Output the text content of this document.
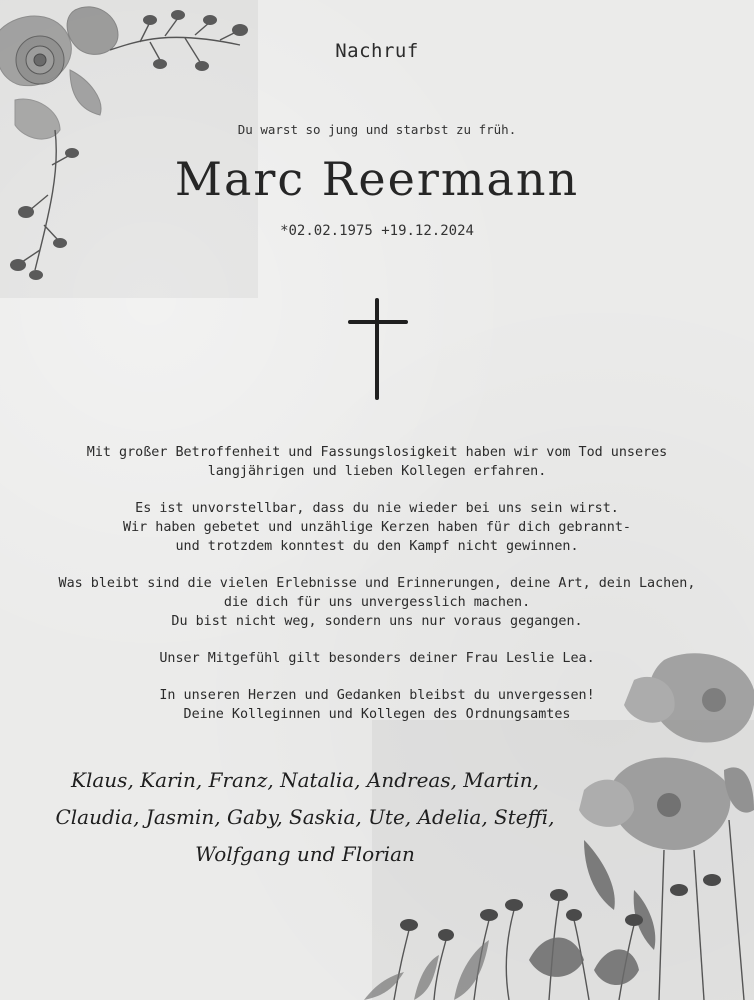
Nachruf
Du warst so jung und starbst zu früh.
Marc Reermann
*02.02.1975 +19.12.2024

Mit großer Betroffenheit und Fassungslosigkeit haben wir vom Tod unseres
langjährigen und lieben Kollegen erfahren.

Es ist unvorstellbar, dass du nie wieder bei uns sein wirst.
Wir haben gebetet und unzählige Kerzen haben für dich gebrannt-
und trotzdem konntest du den Kampf nicht gewinnen.

Was bleibt sind die vielen Erlebnisse und Erinnerungen, deine Art, dein Lachen,
die dich für uns unvergesslich machen.
Du bist nicht weg, sondern uns nur voraus gegangen.

Unser Mitgefühl gilt besonders deiner Frau Leslie Lea.

In unseren Herzen und Gedanken bleibst du unvergessen!
Deine Kolleginnen und Kollegen des Ordnungsamtes

Klaus, Karin, Franz, Natalia, Andreas, Martin,
Claudia, Jasmin, Gaby, Saskia, Ute, Adelia, Steffi,
Wolfgang und Florian
